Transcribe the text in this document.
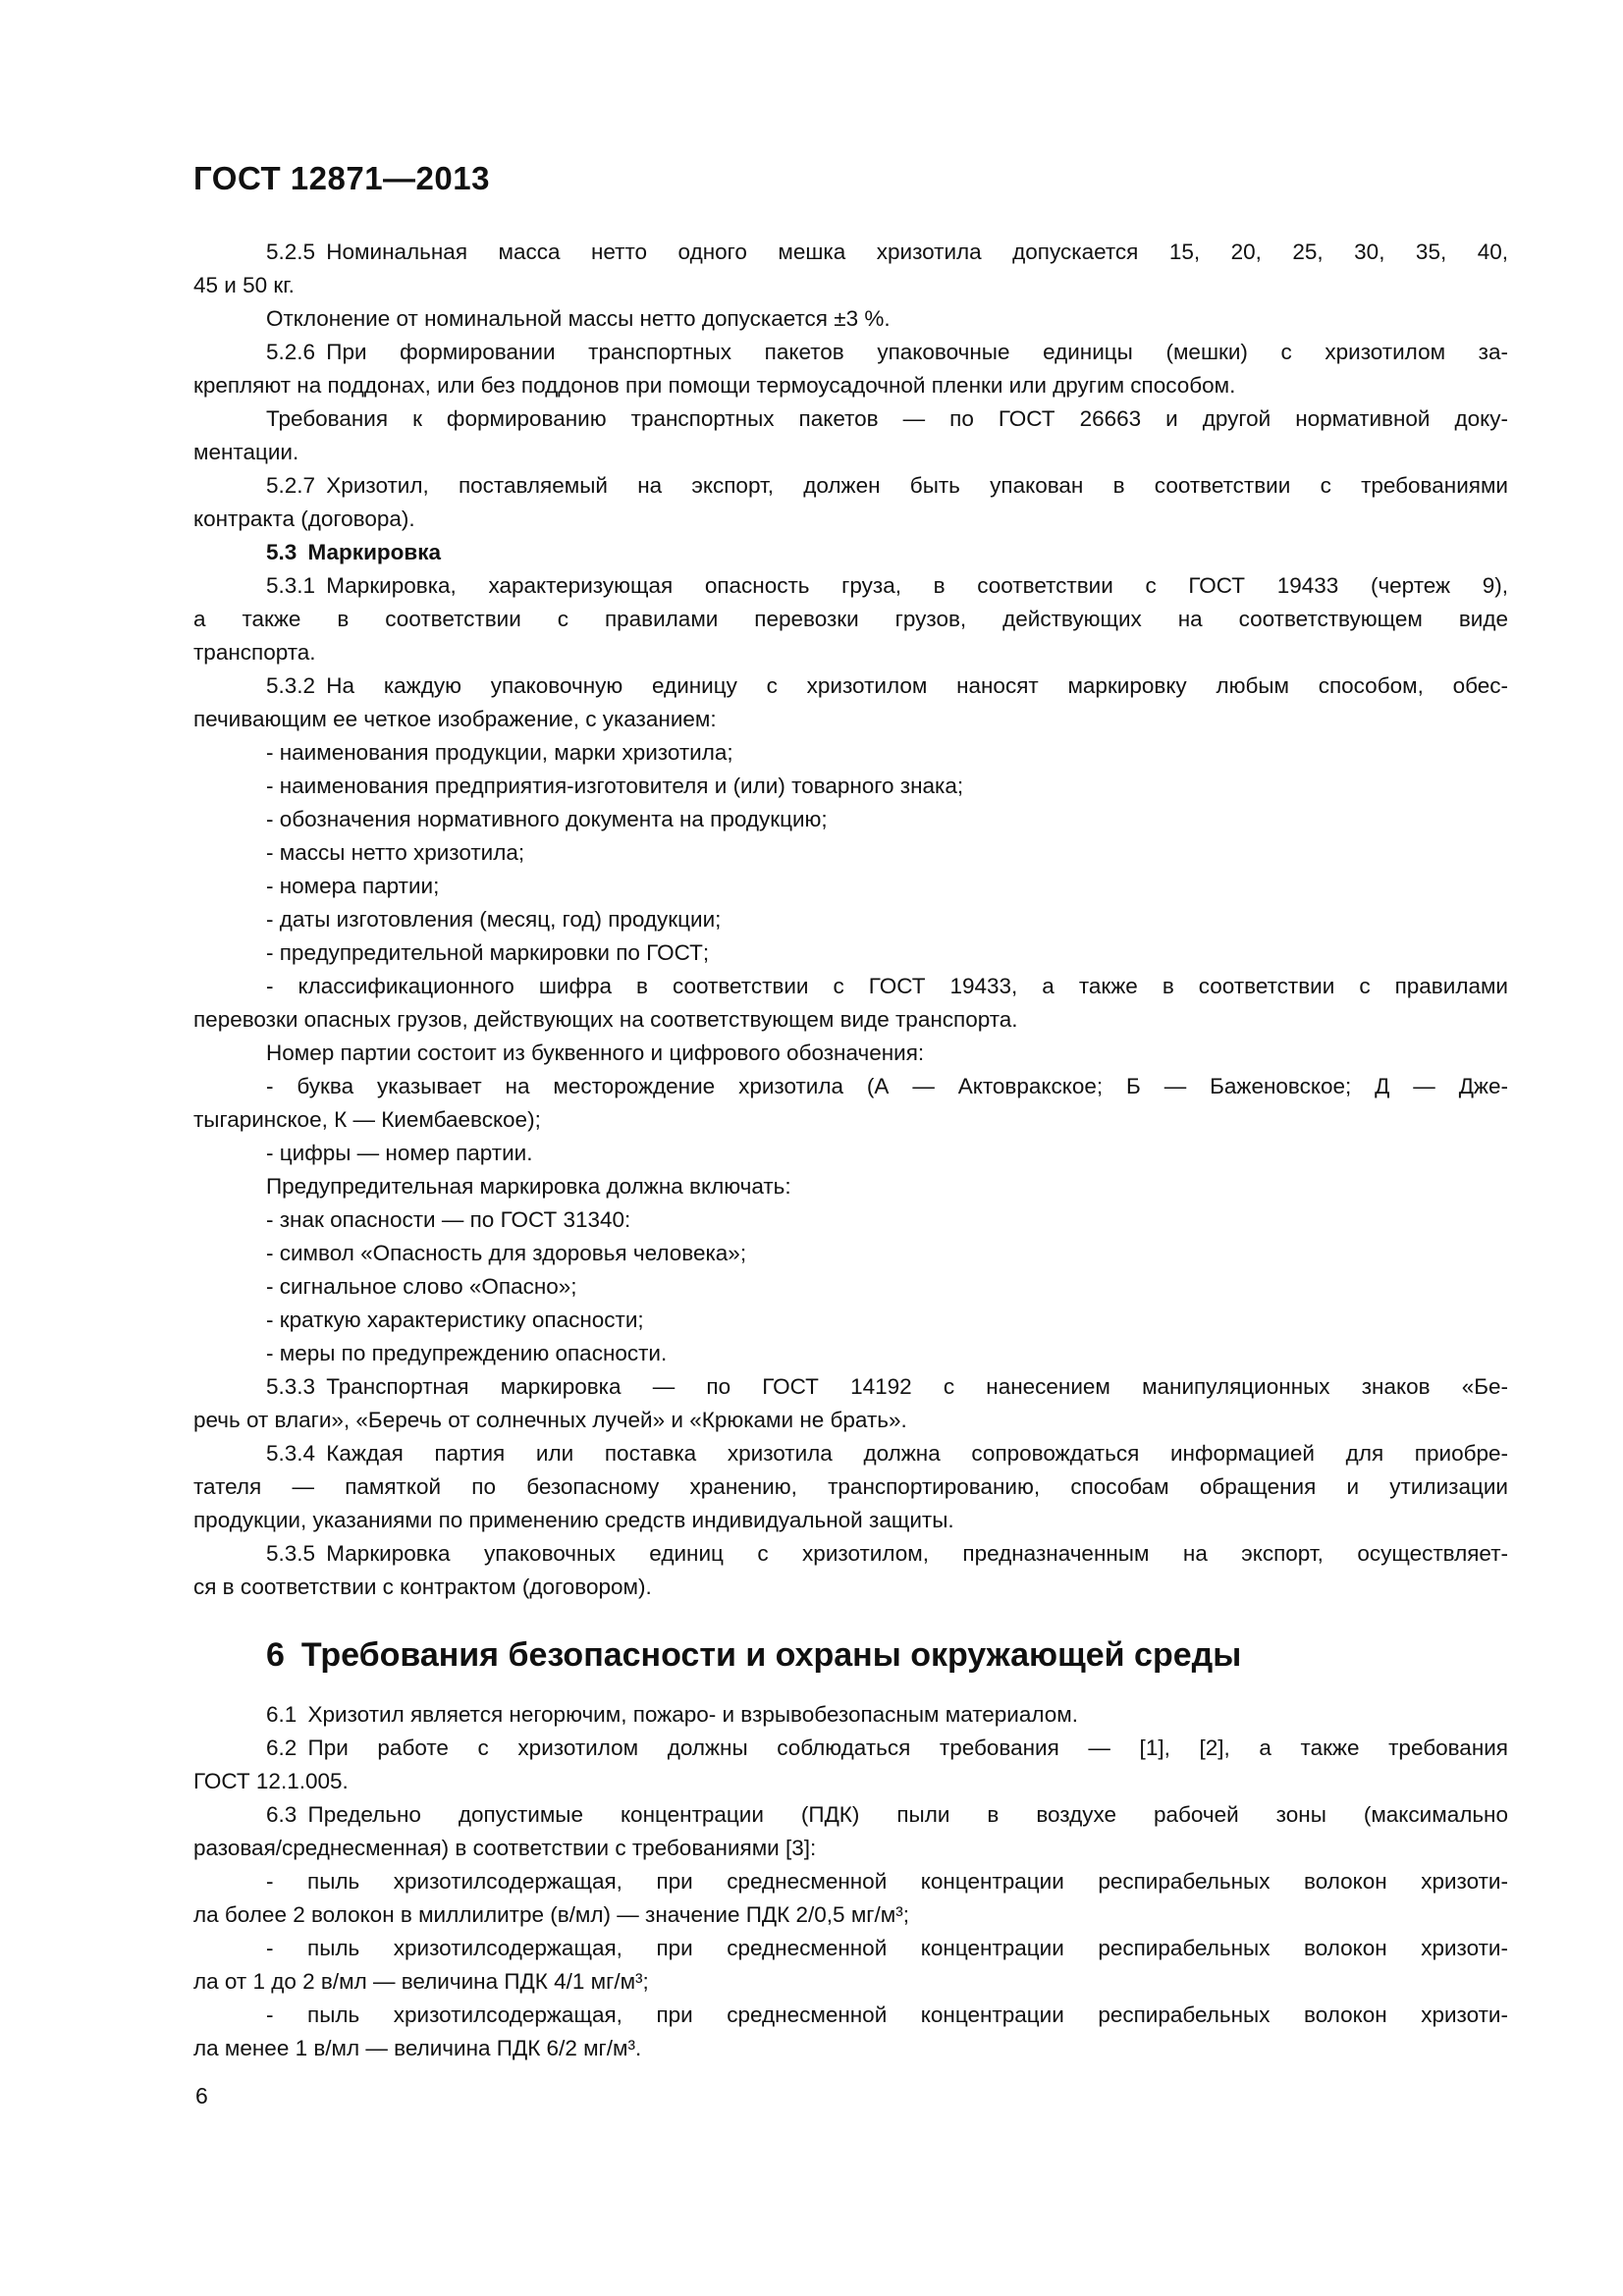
ГОСТ 12871—2013
5.2.5 Номинальная масса нетто одного мешка хризотила допускается 15, 20, 25, 30, 35, 40,
45 и 50 кг.
Отклонение от номинальной массы нетто допускается ±3 %.
5.2.6 При формировании транспортных пакетов упаковочные единицы (мешки) с хризотилом за-
крепляют на поддонах, или без поддонов при помощи термоусадочной пленки или другим способом.
Требования к формированию транспортных пакетов — по ГОСТ 26663 и другой нормативной доку-
ментации.
5.2.7 Хризотил, поставляемый на экспорт, должен быть упакован в соответствии с требованиями
контракта (договора).
5.3 Маркировка
5.3.1 Маркировка, характеризующая опасность груза, в соответствии с ГОСТ 19433 (чертеж 9),
а также в соответствии с правилами перевозки грузов, действующих на соответствующем виде
транспорта.
5.3.2 На каждую упаковочную единицу с хризотилом наносят маркировку любым способом, обес-
печивающим ее четкое изображение, с указанием:
- наименования продукции, марки хризотила;
- наименования предприятия-изготовителя и (или) товарного знака;
- обозначения нормативного документа на продукцию;
- массы нетто хризотила;
- номера партии;
- даты изготовления (месяц, год) продукции;
- предупредительной маркировки по ГОСТ;
- классификационного шифра в соответствии с ГОСТ 19433, а также в соответствии с правилами
перевозки опасных грузов, действующих на соответствующем виде транспорта.
Номер партии состоит из буквенного и цифрового обозначения:
- буква указывает на месторождение хризотила (А — Актовракское; Б — Баженовское; Д — Дже-
тыгаринское, К — Киембаевское);
- цифры — номер партии.
Предупредительная маркировка должна включать:
- знак опасности — по ГОСТ 31340:
- символ «Опасность для здоровья человека»;
- сигнальное слово «Опасно»;
- краткую характеристику опасности;
- меры по предупреждению опасности.
5.3.3 Транспортная маркировка — по ГОСТ 14192 с нанесением манипуляционных знаков «Бе-
речь от влаги», «Беречь от солнечных лучей» и «Крюками не брать».
5.3.4 Каждая партия или поставка хризотила должна сопровождаться информацией для приобре-
тателя — памяткой по безопасному хранению, транспортированию, способам обращения и утилизации
продукции, указаниями по применению средств индивидуальной защиты.
5.3.5 Маркировка упаковочных единиц с хризотилом, предназначенным на экспорт, осуществляет-
ся в соответствии с контрактом (договором).
6 Требования безопасности и охраны окружающей среды
6.1 Хризотил является негорючим, пожаро- и взрывобезопасным материалом.
6.2 При работе с хризотилом должны соблюдаться требования — [1], [2], а также требования
ГОСТ 12.1.005.
6.3 Предельно допустимые концентрации (ПДК) пыли в воздухе рабочей зоны (максимально
разовая/среднесменная) в соответствии с требованиями [3]:
- пыль хризотилсодержащая, при среднесменной концентрации респирабельных волокон хризоти-
ла более 2 волокон в миллилитре (в/мл) — значение ПДК 2/0,5 мг/м³;
- пыль хризотилсодержащая, при среднесменной концентрации респирабельных волокон хризоти-
ла от 1 до 2 в/мл — величина ПДК 4/1 мг/м³;
- пыль хризотилсодержащая, при среднесменной концентрации респирабельных волокон хризоти-
ла менее 1 в/мл — величина ПДК 6/2 мг/м³.
6
